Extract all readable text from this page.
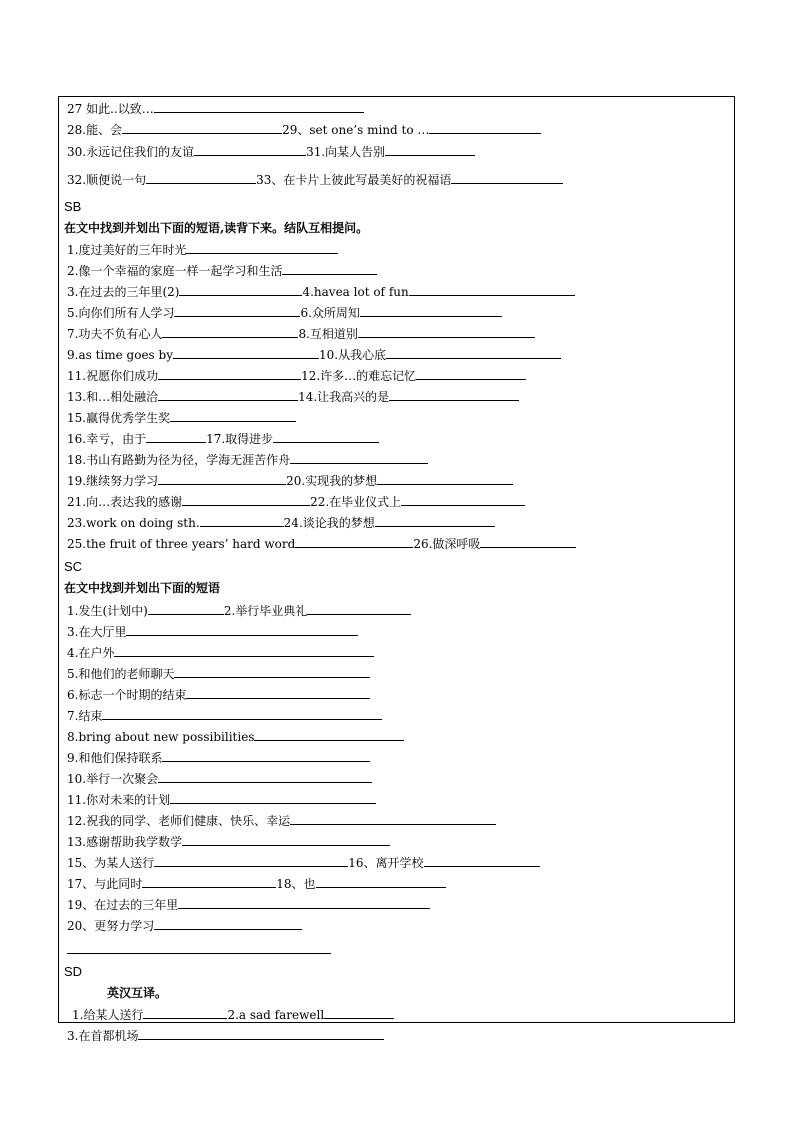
27 如此..以致…
28.能、会	29、set one’s mind to …
30.永远记住我们的友谊	31.向某人告别
32.顺便说一句	33、在卡片上彼此写最美好的祝福语
SB
在文中找到并划出下面的短语,读背下来。结队互相提问。
1.度过美好的三年时光
2.像一个幸福的家庭一样一起学习和生活
3.在过去的三年里(2)	4.havea lot of fun
5.向你们所有人学习	6.众所周知
7.功夫不负有心人	8.互相道别
9.as time goes by	10.从我心底
11.祝愿你们成功	12.许多…的难忘记忆
13.和…相处融洽	14.让我高兴的是
15.赢得优秀学生奖
16.幸亏，由于	17.取得进步
18.书山有路勤为径为径，学海无涯苦作舟
19.继续努力学习	20.实现我的梦想
21.向…表达我的感谢	22.在毕业仪式上
23.work on doing sth.	24.谈论我的梦想
25.the fruit of three years’ hard word	26.做深呼吸
SC
在文中找到并划出下面的短语
1.发生(计划中)	2.举行毕业典礼
3.在大厅里
4.在户外
5.和他们的老师聊天
6.标志一个时期的结束
7.结束
8.bring about new possibilities
9.和他们保持联系
10.举行一次聚会
11.你对未来的计划
12.祝我的同学、老师们健康、快乐、幸运
13.感谢帮助我学数学
15、为某人送行	16、离开学校
17、与此同时	18、也
19、在过去的三年里
20、更努力学习
SD
英汉互译。
1.给某人送行	2.a sad farewell
3.在首都机场
